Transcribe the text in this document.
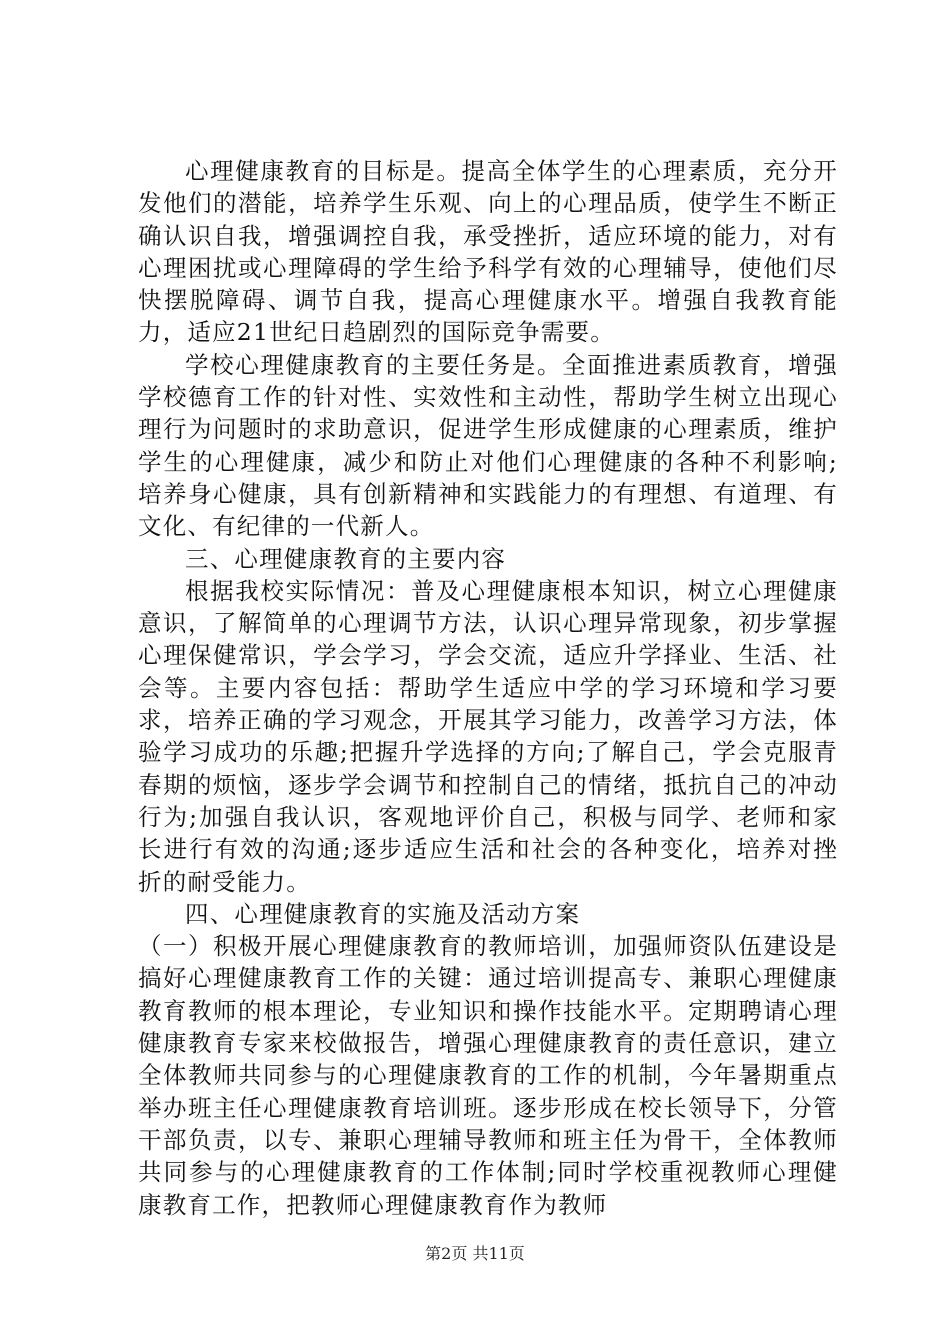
心理健康教育的目标是。提高全体学生的心理素质，充分开发他们的潜能，培养学生乐观、向上的心理品质，使学生不断正确认识自我，增强调控自我，承受挫折，适应环境的能力，对有心理困扰或心理障碍的学生给予科学有效的心理辅导，使他们尽快摆脱障碍、调节自我，提高心理健康水平。增强自我教育能力，适应21世纪日趋剧烈的国际竞争需要。

学校心理健康教育的主要任务是。全面推进素质教育，增强学校德育工作的针对性、实效性和主动性，帮助学生树立出现心理行为问题时的求助意识，促进学生形成健康的心理素质，维护学生的心理健康，减少和防止对他们心理健康的各种不利影响;培养身心健康，具有创新精神和实践能力的有理想、有道理、有文化、有纪律的一代新人。

三、心理健康教育的主要内容

根据我校实际情况：普及心理健康根本知识，树立心理健康意识，了解简单的心理调节方法，认识心理异常现象，初步掌握心理保健常识，学会学习，学会交流，适应升学择业、生活、社会等。主要内容包括：帮助学生适应中学的学习环境和学习要求，培养正确的学习观念，开展其学习能力，改善学习方法，体验学习成功的乐趣;把握升学选择的方向;了解自己，学会克服青春期的烦恼，逐步学会调节和控制自己的情绪，抵抗自己的冲动行为;加强自我认识，客观地评价自己，积极与同学、老师和家长进行有效的沟通;逐步适应生活和社会的各种变化，培养对挫折的耐受能力。

四、心理健康教育的实施及活动方案

（一）积极开展心理健康教育的教师培训，加强师资队伍建设是搞好心理健康教育工作的关键：通过培训提高专、兼职心理健康教育教师的根本理论，专业知识和操作技能水平。定期聘请心理健康教育专家来校做报告，增强心理健康教育的责任意识，建立全体教师共同参与的心理健康教育的工作的机制，今年暑期重点举办班主任心理健康教育培训班。逐步形成在校长领导下，分管干部负责，以专、兼职心理辅导教师和班主任为骨干，全体教师共同参与的心理健康教育的工作体制;同时学校重视教师心理健康教育工作，把教师心理健康教育作为教师

第2页 共11页
